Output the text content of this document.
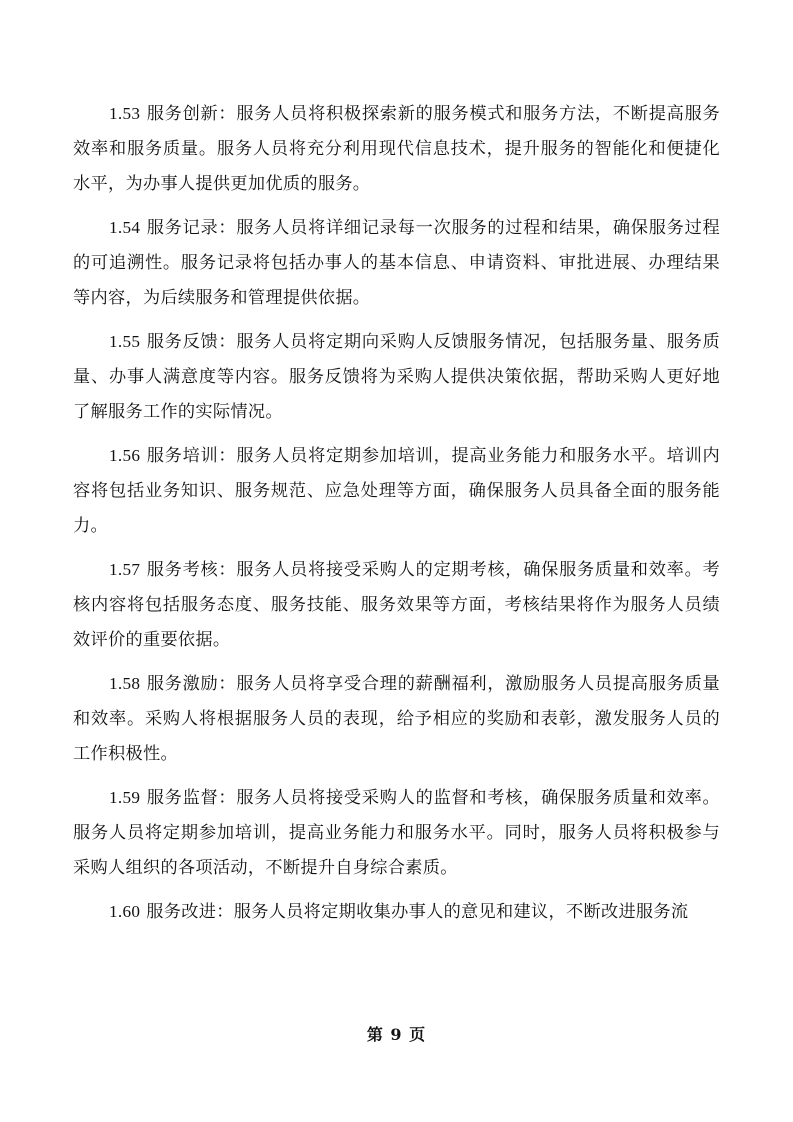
1.53 服务创新：服务人员将积极探索新的服务模式和服务方法，不断提高服务效率和服务质量。服务人员将充分利用现代信息技术，提升服务的智能化和便捷化水平，为办事人提供更加优质的服务。

1.54 服务记录：服务人员将详细记录每一次服务的过程和结果，确保服务过程的可追溯性。服务记录将包括办事人的基本信息、申请资料、审批进展、办理结果等内容，为后续服务和管理提供依据。

1.55 服务反馈：服务人员将定期向采购人反馈服务情况，包括服务量、服务质量、办事人满意度等内容。服务反馈将为采购人提供决策依据，帮助采购人更好地了解服务工作的实际情况。

1.56 服务培训：服务人员将定期参加培训，提高业务能力和服务水平。培训内容将包括业务知识、服务规范、应急处理等方面，确保服务人员具备全面的服务能力。

1.57 服务考核：服务人员将接受采购人的定期考核，确保服务质量和效率。考核内容将包括服务态度、服务技能、服务效果等方面，考核结果将作为服务人员绩效评价的重要依据。

1.58 服务激励：服务人员将享受合理的薪酬福利，激励服务人员提高服务质量和效率。采购人将根据服务人员的表现，给予相应的奖励和表彰，激发服务人员的工作积极性。

1.59 服务监督：服务人员将接受采购人的监督和考核，确保服务质量和效率。服务人员将定期参加培训，提高业务能力和服务水平。同时，服务人员将积极参与采购人组织的各项活动，不断提升自身综合素质。

1.60 服务改进：服务人员将定期收集办事人的意见和建议，不断改进服务流

第 9 页
